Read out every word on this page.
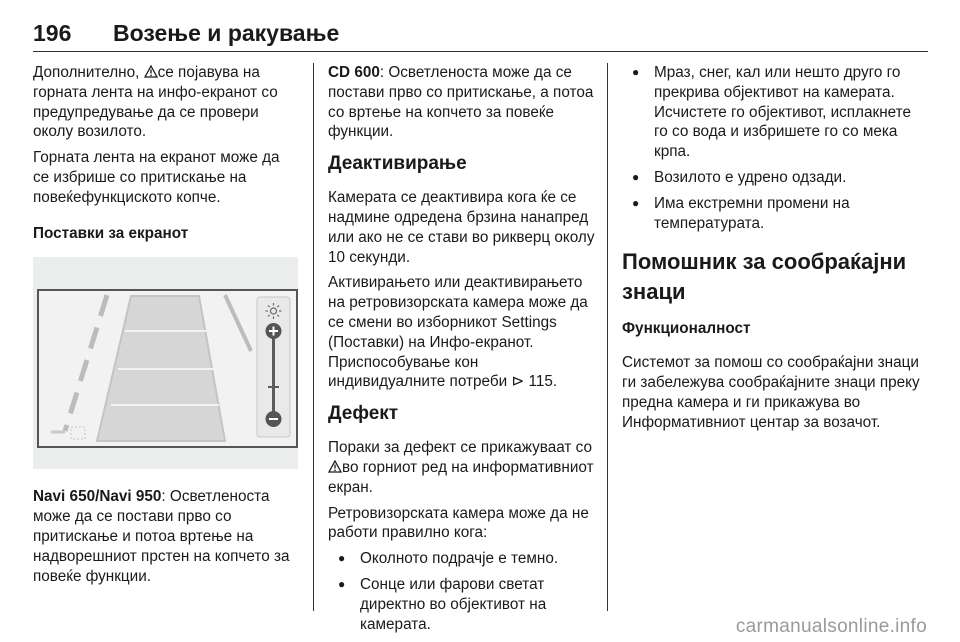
196 Возење и ракување

Дополнително, се појавува на горната лента на инфо-екранот со предупредување да се провери околу возилото.

Горната лента на екранот може да се избрише со притискање на повеќефункциското копче.

Поставки за екранот

Navi 650/Navi 950: Осветленоста може да се постави прво со притискање и потоа вртење на надворешниот прстен на копчето за повеќе функции.

CD 600: Осветленоста може да се постави прво со притискање, а потоа со вртење на копчето за повеќе функции.

Деактивирање

Камерата се деактивира кога ќе се надмине одредена брзина нанапред или ако не се стави во рикверц околу 10 секунди.

Активирањето или деактивирањето на ретровизорската камера може да се смени во изборникот Settings (Поставки) на Инфо-екранот. Приспособување кон индивидуалните потреби ⊳ 115.

Дефект

Пораки за дефект се прикажуваат со во горниот ред на информативниот екран.

Ретровизорската камера може да не работи правилно кога:

● Околното подрачје е темно.
● Сонце или фарови светат директно во објективот на камерата.
● Мраз, снег, кал или нешто друго го прекрива објективот на камерата. Исчистете го објективот, исплакнете го со вода и избришете го со мека крпа.
● Возилото е удрено одзади.
● Има екстремни промени на температурата.
Помошник за сообраќајни знаци
Функционалност

Системот за помош со сообраќајни знаци ги забележува сообраќајните знаци преку предна камера и ги прикажува во Информативниот центар за возачот.

carmanualsonline.info
